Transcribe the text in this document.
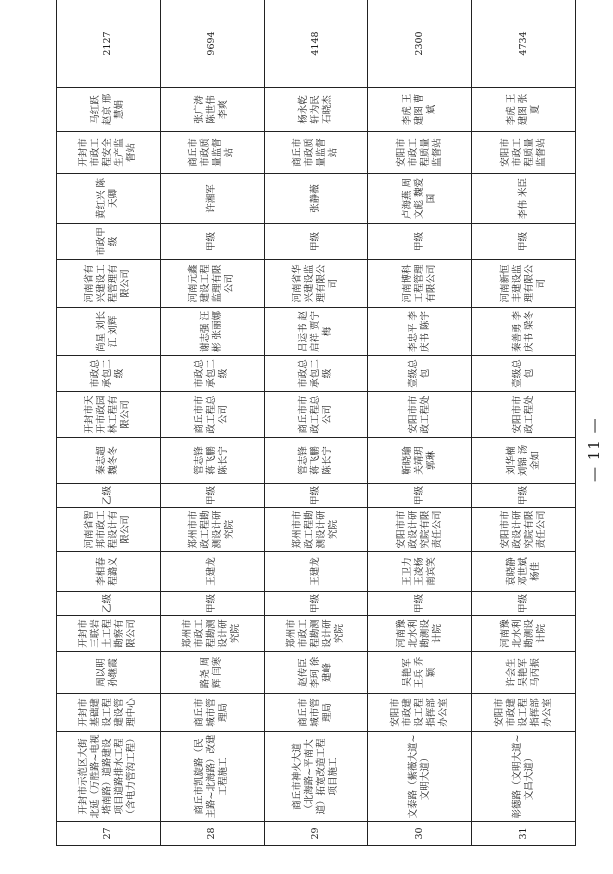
27	开封市示范区大街北延（万胜路~电视塔南路）道路建设项目道路排水工程（含电力管沟工程）	开封市基础建设工程建设管理中心	周以明 孙继霞	开封市三联岩土工程勘察有限公司	乙级	李相春 程潞义	河南省智邦市政工程设计有限公司	乙级	秦志超 魏冬冬	开封市天开市政园林工程有限公司	市政总承包二级	尚星 刘长江 刘辉	河南省有兴建设工程管理有限公司	市政甲级	黄红兴 陈天卿	开封市市政工程安全生产监督站	马红跃 赵京 邢慧娟	2127
28	商丘市凯旋路（民主路~北海路）改建工程施工	商丘市城市管理局	路尧 周辉 闫寒	郑州市市政工程勘测设计研究院	甲级	王建龙	郑州市市政工程勘测设计研究院	甲级	管志锋 蒋飞鹏 陈长宁	商丘市市政工程总公司	市政总承包二级	谢志强 汪彬 张丽娜	河南元鑫建设工程监理有限公司	甲级	许湘军	商丘市市政质量监督站	张广涛 陈世伟 李爽	9694
29	商丘市神火大道（北海路~平南大道）拓宽改造工程项目施工	商丘市城市管理局	赵传臣 李珂 徐建峰	郑州市市政工程勘测设计研究院	甲级	王建龙	郑州市市政工程勘测设计研究院	甲级	管志锋 蒋飞鹏 陈长宁	商丘市市政工程总公司	市政总承包二级	吕运书 赵启祥 贾宁梅	河南省华兴建设监理有限公司	甲级	张静薇	商丘市市政质量监督站	杨永乾 轩为民 石晓杰	4148
30	文泰路（紫薇大道~文明大道）	安阳市市政建设工程指挥部办公室	吴艳军 王兵 乔颖	河南豫北水利勘测设计院	甲级	王卫力 王凌杨 南宾笑	安阳市市政设计研究院有限责任公司	甲级	靳晓瑜 关靖玥 郭琳	安阳市市政工程处	壹级总包	李忠平 李庆书 陈宇	河南博科工程管理有限公司	甲级	卢海燕 周文彪 魏爱国	安阳市市政工程质量监督站	李虎 王建图 曹斌	2300
31	彰德路（文明大道~文昌大道）	安阳市市政建设工程指挥部办公室	许会生 吴艳军 马丙振	河南豫北水利勘测设计院	甲级	袁晓静 邓世斌 杨佳	安阳市市政设计研究院有限责任公司	甲级	刘华楠 刘锦 汤金如	安阳市市政工程处	壹级总包	秦善勇 李庆书 梁冬	河南新恒丰建设监理有限公司	甲级	李伟 米臣	安阳市市政工程质量监督站	李虎 王建图 张夏	4734
— 11 —
